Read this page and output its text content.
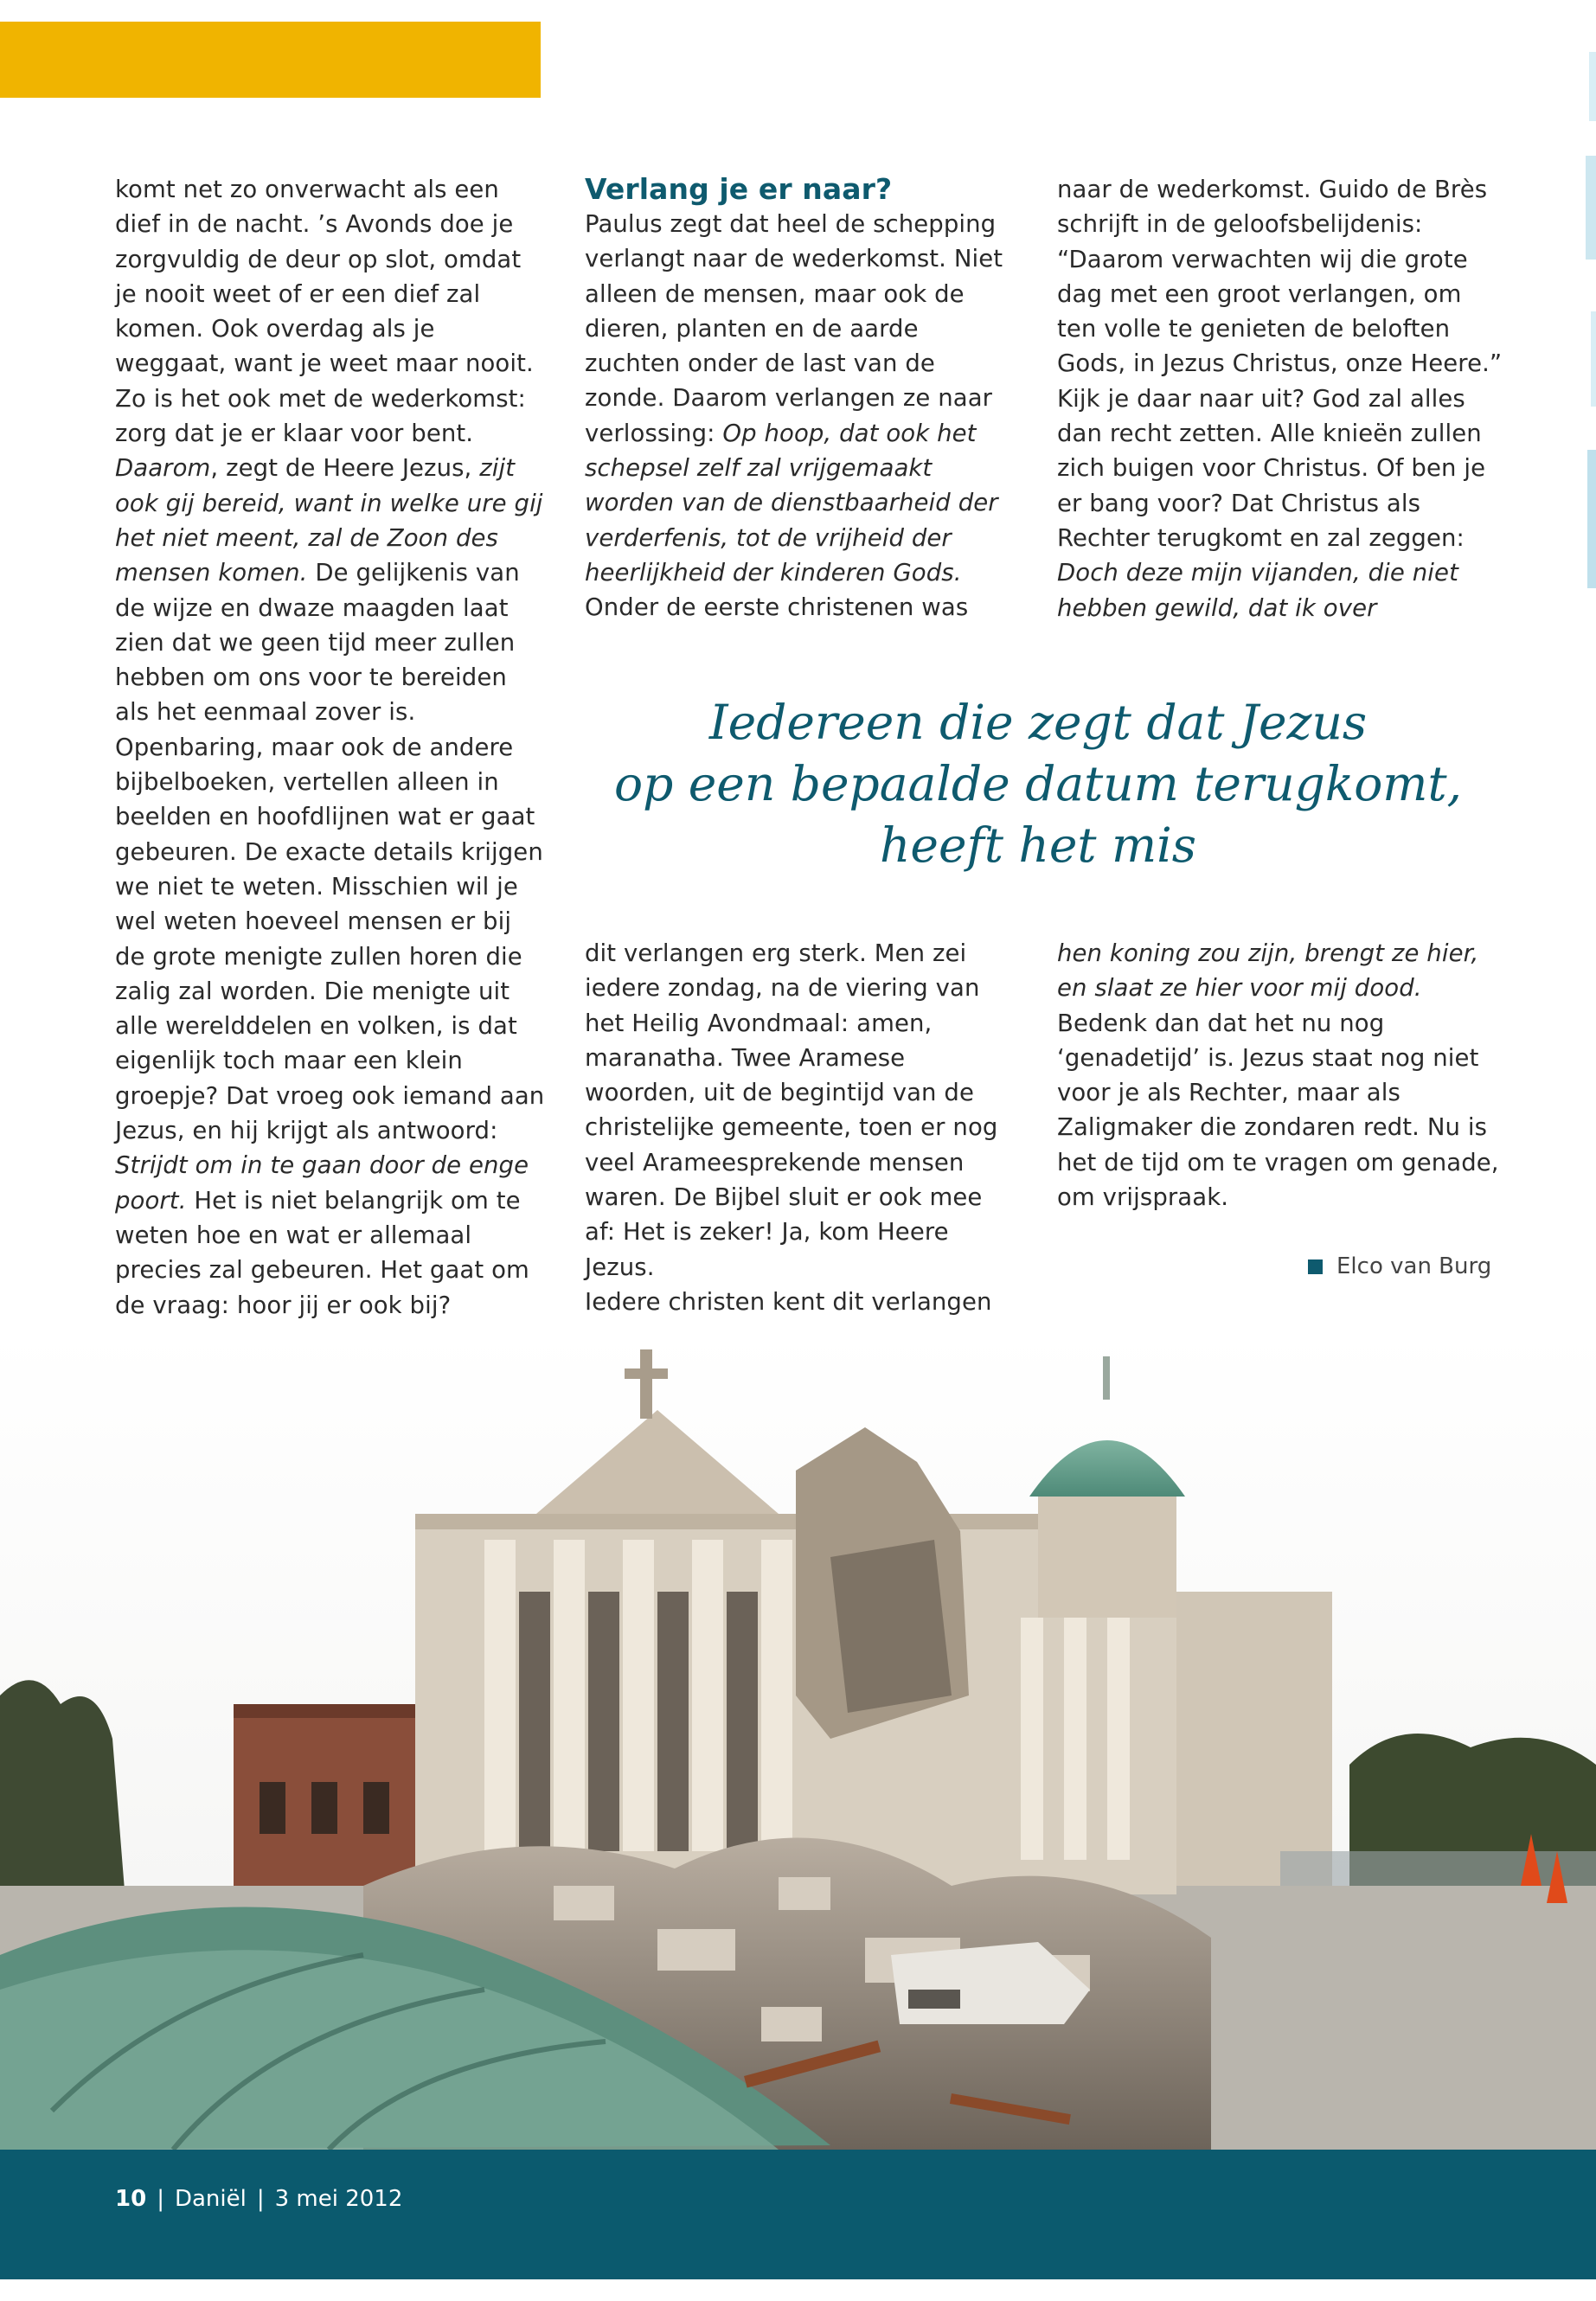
komt net zo onverwacht als een dief in de nacht. ’s Avonds doe je zorgvuldig de deur op slot, omdat je nooit weet of er een dief zal komen. Ook overdag als je weggaat, want je weet maar nooit. Zo is het ook met de wederkomst: zorg dat je er klaar voor bent. Daarom, zegt de Heere Jezus, zijt ook gij bereid, want in welke ure gij het niet meent, zal de Zoon des mensen komen. De gelijkenis van de wijze en dwaze maagden laat zien dat we geen tijd meer zullen hebben om ons voor te bereiden als het eenmaal zover is. Openbaring, maar ook de andere bijbelboeken, vertellen alleen in beelden en hoofdlijnen wat er gaat gebeuren. De exacte details krijgen we niet te weten. Misschien wil je wel weten hoeveel mensen er bij de grote menigte zullen horen die zalig zal worden. Die menigte uit alle werelddelen en volken, is dat eigenlijk toch maar een klein groepje? Dat vroeg ook iemand aan Jezus, en hij krijgt als antwoord: Strijdt om in te gaan door de enge poort. Het is niet belangrijk om te weten hoe en wat er allemaal precies zal gebeuren. Het gaat om de vraag: hoor jij er ook bij?

Verlang je er naar?

Paulus zegt dat heel de schepping verlangt naar de wederkomst. Niet alleen de mensen, maar ook de dieren, planten en de aarde zuchten onder de last van de zonde. Daarom verlangen ze naar verlossing: Op hoop, dat ook het schepsel zelf zal vrijgemaakt worden van de dienstbaarheid der verderfenis, tot de vrijheid der heerlijkheid der kinderen Gods.

Onder de eerste christenen was

naar de wederkomst. Guido de Brès schrijft in de geloofsbelijdenis: “Daarom verwachten wij die grote dag met een groot verlangen, om ten volle te genieten de beloften Gods, in Jezus Christus, onze Heere.” Kijk je daar naar uit? God zal alles dan recht zetten. Alle knieën zullen zich buigen voor Christus. Of ben je er bang voor? Dat Christus als Rechter terugkomt en zal zeggen: Doch deze mijn vijanden, die niet hebben gewild, dat ik over

Iedereen die zegt dat Jezus
op een bepaalde datum terugkomt,
heeft het mis

dit verlangen erg sterk. Men zei iedere zondag, na de viering van het Heilig Avondmaal: amen, maranatha. Twee Aramese woorden, uit de begintijd van de christelijke gemeente, toen er nog veel Arameesprekende mensen waren. De Bijbel sluit er ook mee af: Het is zeker! Ja, kom Heere Jezus.

Iedere christen kent dit verlangen

hen koning zou zijn, brengt ze hier, en slaat ze hier voor mij dood. Bedenk dan dat het nu nog ‘genadetijd’ is. Jezus staat nog niet voor je als Rechter, maar als Zaligmaker die zondaren redt. Nu is het de tijd om te vragen om genade, om vrijspraak.

Elco van Burg
10 | Daniël | 3 mei 2012
